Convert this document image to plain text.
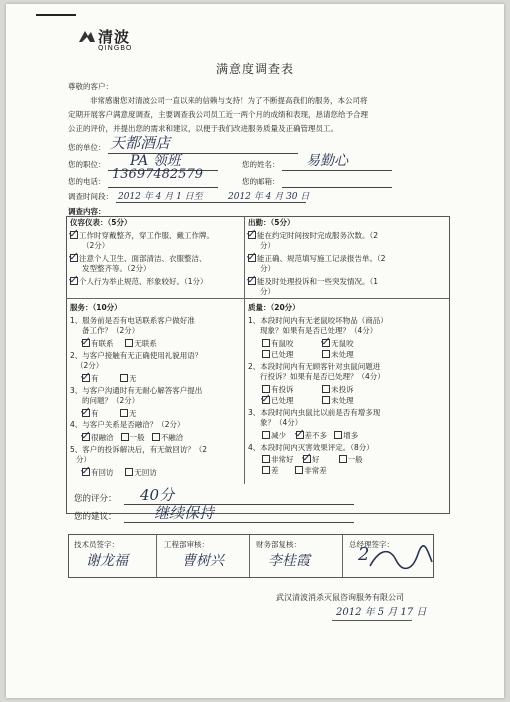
清波
QINGBO
满意度调查表
尊敬的客户：
非常感谢您对清波公司一直以来的信赖与支持！为了不断提高我们的服务，本公司将
定期开展客户满意度调查，主要调查我公司员工近一两个月的成绩和表现，恳请您给予合理
公正的评价，并提出您的需求和建议，以便于我们改进服务质量及正确管理员工。
您的单位： 天都酒店
您的职位： PA 领班	您的姓名： 易勤心
您的电话： 13697482579	您的邮箱：
调查时间段： 2012 年 4 月 1 日至	2012 年 4 月 30 日
调查内容：
仪容仪表：（5分）
工作时穿戴整齐，穿工作服、戴工作牌。
（2分）
注意个人卫生、面部清洁、衣服整洁、
发型整齐等。（2分）
个人行为举止规范、形象较好。（1分）
出勤：（5分）
能在约定时间按时完成服务次数。（2
分）
能正确、规范填写施工记录报告单。（2
分）
能及时处理投诉和一些突发情况。（1
分）
服务：（10分）
1、服务前是否有电话联系客户做好准
备工作？（2分）
有联系	无联系
2、与客户接触有无正确使用礼貌用语？
（2分）
有	无
3、与客户沟通时有无耐心解答客户提出
的问题？（2分）
有	无
4、与客户关系是否融洽？（2分）
很融洽 一般 不融洽
5、客户的投诉解决后，有无做回访？（2
分）
有回访	无回访
质量：（20分）
1、本段时间内有无老鼠咬坏物品（商品）
现象？如果有是否已处理？（4分）
有鼠咬	无鼠咬
已处理	未处理
2、本段时间内有无顾客针对虫鼠问题进
行投诉？如果有是否已处理？（4分）
有投诉	未投诉
已处理	未处理
3、本段时间内虫鼠比以前是否有增多现
象？（4分）
减少 差不多 增多
4、本段时间内灭害效果评定。（8分）
非常好 好	一般
差	非常差
您的评分： 40分
您的建议： 继续保持
技术员签字：
谢龙福
工程部审核：
曹树兴
财务部复核：
李桂霞
总经理签字：
2
武汉清波消杀灭鼠咨询服务有限公司
2012 年 5 月 17 日
